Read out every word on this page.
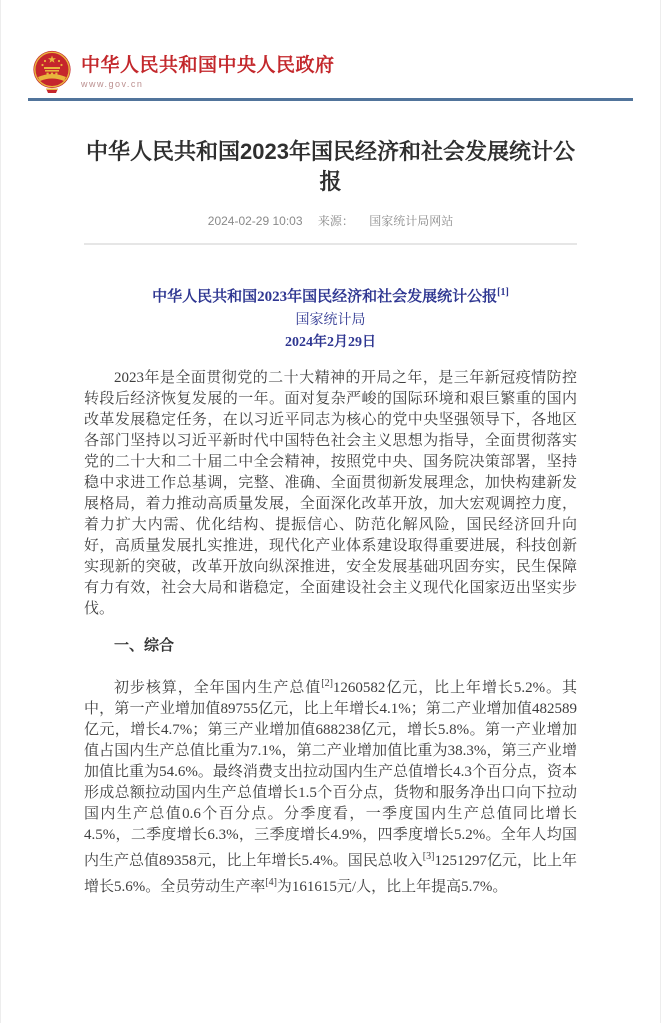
中华人民共和国中央人民政府
www.gov.cn
中华人民共和国2023年国民经济和社会发展统计公报
2024-02-29 10:03 来源： 国家统计局网站
中华人民共和国2023年国民经济和社会发展统计公报[1]
国家统计局
2024年2月29日

2023年是全面贯彻党的二十大精神的开局之年，是三年新冠疫情防控转段后经济恢复发展的一年。面对复杂严峻的国际环境和艰巨繁重的国内改革发展稳定任务，在以习近平同志为核心的党中央坚强领导下，各地区各部门坚持以习近平新时代中国特色社会主义思想为指导，全面贯彻落实党的二十大和二十届二中全会精神，按照党中央、国务院决策部署，坚持稳中求进工作总基调，完整、准确、全面贯彻新发展理念，加快构建新发展格局，着力推动高质量发展，全面深化改革开放，加大宏观调控力度，着力扩大内需、优化结构、提振信心、防范化解风险，国民经济回升向好，高质量发展扎实推进，现代化产业体系建设取得重要进展，科技创新实现新的突破，改革开放向纵深推进，安全发展基础巩固夯实，民生保障有力有效，社会大局和谐稳定，全面建设社会主义现代化国家迈出坚实步伐。

一、综合

初步核算，全年国内生产总值[2]1260582亿元，比上年增长5.2%。其中，第一产业增加值89755亿元，比上年增长4.1%；第二产业增加值482589亿元，增长4.7%；第三产业增加值688238亿元，增长5.8%。第一产业增加值占国内生产总值比重为7.1%，第二产业增加值比重为38.3%，第三产业增加值比重为54.6%。最终消费支出拉动国内生产总值增长4.3个百分点，资本形成总额拉动国内生产总值增长1.5个百分点，货物和服务净出口向下拉动国内生产总值0.6个百分点。分季度看，一季度国内生产总值同比增长4.5%，二季度增长6.3%，三季度增长4.9%，四季度增长5.2%。全年人均国内生产总值89358元，比上年增长5.4%。国民总收入[3]1251297亿元，比上年增长5.6%。全员劳动生产率[4]为161615元/人，比上年提高5.7%。
